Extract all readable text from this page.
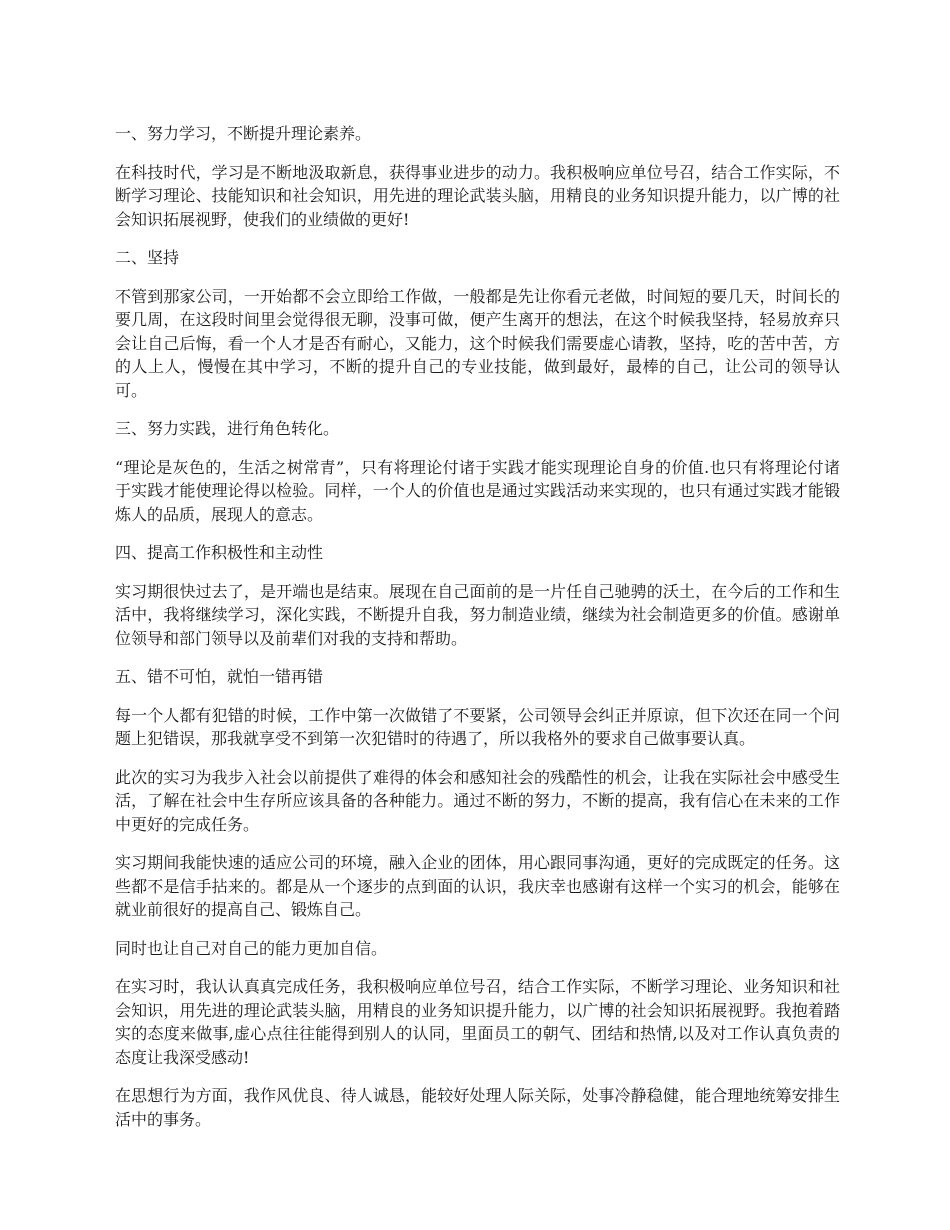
一、努力学习，不断提升理论素养。

在科技时代，学习是不断地汲取新息，获得事业进步的动力。我积极响应单位号召，结合工作实际，不断学习理论、技能知识和社会知识，用先进的理论武装头脑，用精良的业务知识提升能力，以广博的社会知识拓展视野，使我们的业绩做的更好!

二、坚持

不管到那家公司，一开始都不会立即给工作做，一般都是先让你看元老做，时间短的要几天，时间长的要几周，在这段时间里会觉得很无聊，没事可做，便产生离开的想法，在这个时候我坚持，轻易放弃只会让自己后悔，看一个人才是否有耐心，又能力，这个时候我们需要虚心请教，坚持，吃的苦中苦，方的人上人，慢慢在其中学习，不断的提升自己的专业技能，做到最好，最棒的自己，让公司的领导认可。

三、努力实践，进行角色转化。

“理论是灰色的，生活之树常青”，只有将理论付诸于实践才能实现理论自身的价值.也只有将理论付诸于实践才能使理论得以检验。同样，一个人的价值也是通过实践活动来实现的，也只有通过实践才能锻炼人的品质，展现人的意志。

四、提高工作积极性和主动性

实习期很快过去了，是开端也是结束。展现在自己面前的是一片任自己驰骋的沃土，在今后的工作和生活中，我将继续学习，深化实践，不断提升自我，努力制造业绩，继续为社会制造更多的价值。感谢单位领导和部门领导以及前辈们对我的支持和帮助。

五、错不可怕，就怕一错再错

每一个人都有犯错的时候，工作中第一次做错了不要紧，公司领导会纠正并原谅，但下次还在同一个问题上犯错误，那我就享受不到第一次犯错时的待遇了，所以我格外的要求自己做事要认真。

此次的实习为我步入社会以前提供了难得的体会和感知社会的残酷性的机会，让我在实际社会中感受生活，了解在社会中生存所应该具备的各种能力。通过不断的努力，不断的提高，我有信心在未来的工作中更好的完成任务。

实习期间我能快速的适应公司的环境，融入企业的团体，用心跟同事沟通，更好的完成既定的任务。这些都不是信手拈来的。都是从一个逐步的点到面的认识，我庆幸也感谢有这样一个实习的机会，能够在就业前很好的提高自己、锻炼自己。

同时也让自己对自己的能力更加自信。

在实习时，我认认真真完成任务，我积极响应单位号召，结合工作实际，不断学习理论、业务知识和社会知识，用先进的理论武装头脑，用精良的业务知识提升能力，以广博的社会知识拓展视野。我抱着踏实的态度来做事,虚心点往往能得到别人的认同，里面员工的朝气、团结和热情,以及对工作认真负责的态度让我深受感动!

在思想行为方面，我作风优良、待人诚恳，能较好处理人际关际，处事冷静稳健，能合理地统筹安排生活中的事务。
